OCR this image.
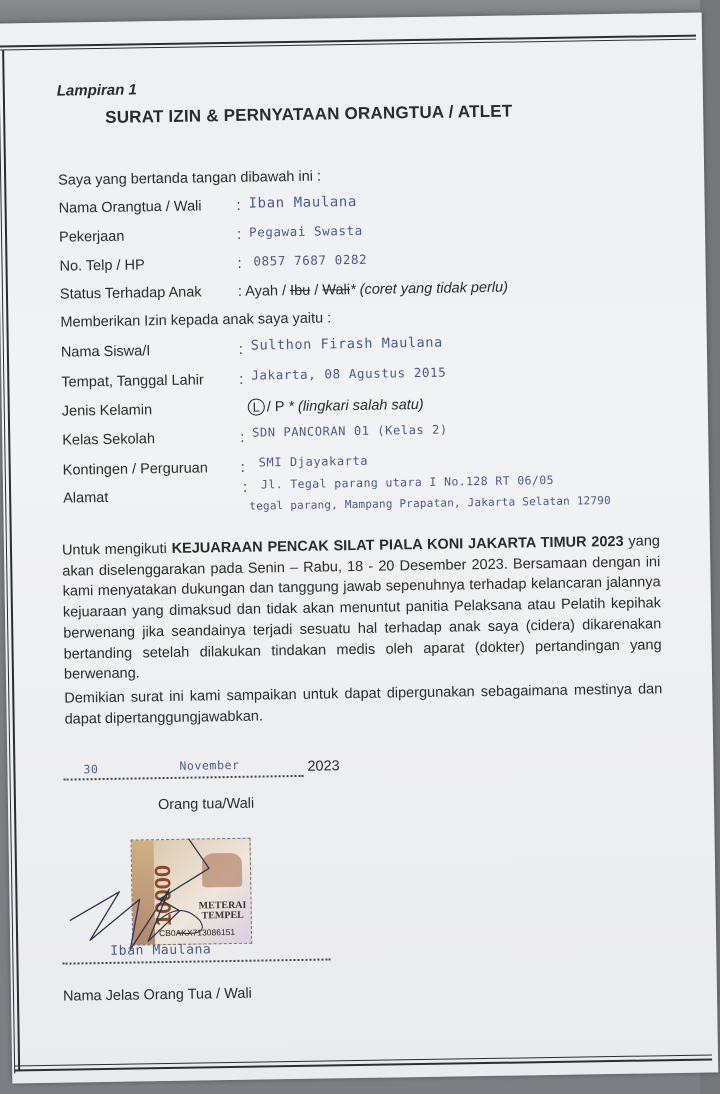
Lampiran 1
SURAT IZIN & PERNYATAAN ORANGTUA / ATLET
Saya yang bertanda tangan dibawah ini :
Nama Orangtua / Wali : Iban Maulana
Pekerjaan	: Pegawai Swasta
No. Telp / HP	: 0857 7687 0282
Status Terhadap Anak : Ayah / Ibu / Wali* (coret yang tidak perlu)
Memberikan Izin kepada anak saya yaitu :
Nama Siswa/I	: Sulthon Firash Maulana
Tempat, Tanggal Lahir : Jakarta, 08 Agustus 2015
Jenis Kelamin	L / P * (lingkari salah satu)
Kelas Sekolah	: SDN PANCORAN 01 (Kelas 2)
Kontingen / Perguruan : SMI Djayakarta
Alamat
: Jl. Tegal parang utara I No.128 RT 06/05
tegal parang, Mampang Prapatan, Jakarta Selatan 12790
Untuk mengikuti KEJUARAAN PENCAK SILAT PIALA KONI JAKARTA TIMUR 2023 yang akan diselenggarakan pada Senin – Rabu, 18 - 20 Desember 2023. Bersamaan dengan ini kami menyatakan dukungan dan tanggung jawab sepenuhnya terhadap kelancaran jalannya kejuaraan yang dimaksud dan tidak akan menuntut panitia Pelaksana atau Pelatih kepihak berwenang jika seandainya terjadi sesuatu hal terhadap anak saya (cidera) dikarenakan bertanding setelah dilakukan tindakan medis oleh aparat (dokter) pertandingan yang berwenang.
Demikian surat ini kami sampaikan untuk dapat dipergunakan sebagaimana mestinya dan dapat dipertanggungjawabkan.
30	November	2023
Orang tua/Wali
10000 METERAI
TEMPEL
CB0AKX713086151
Iban Maulana
Nama Jelas Orang Tua / Wali
